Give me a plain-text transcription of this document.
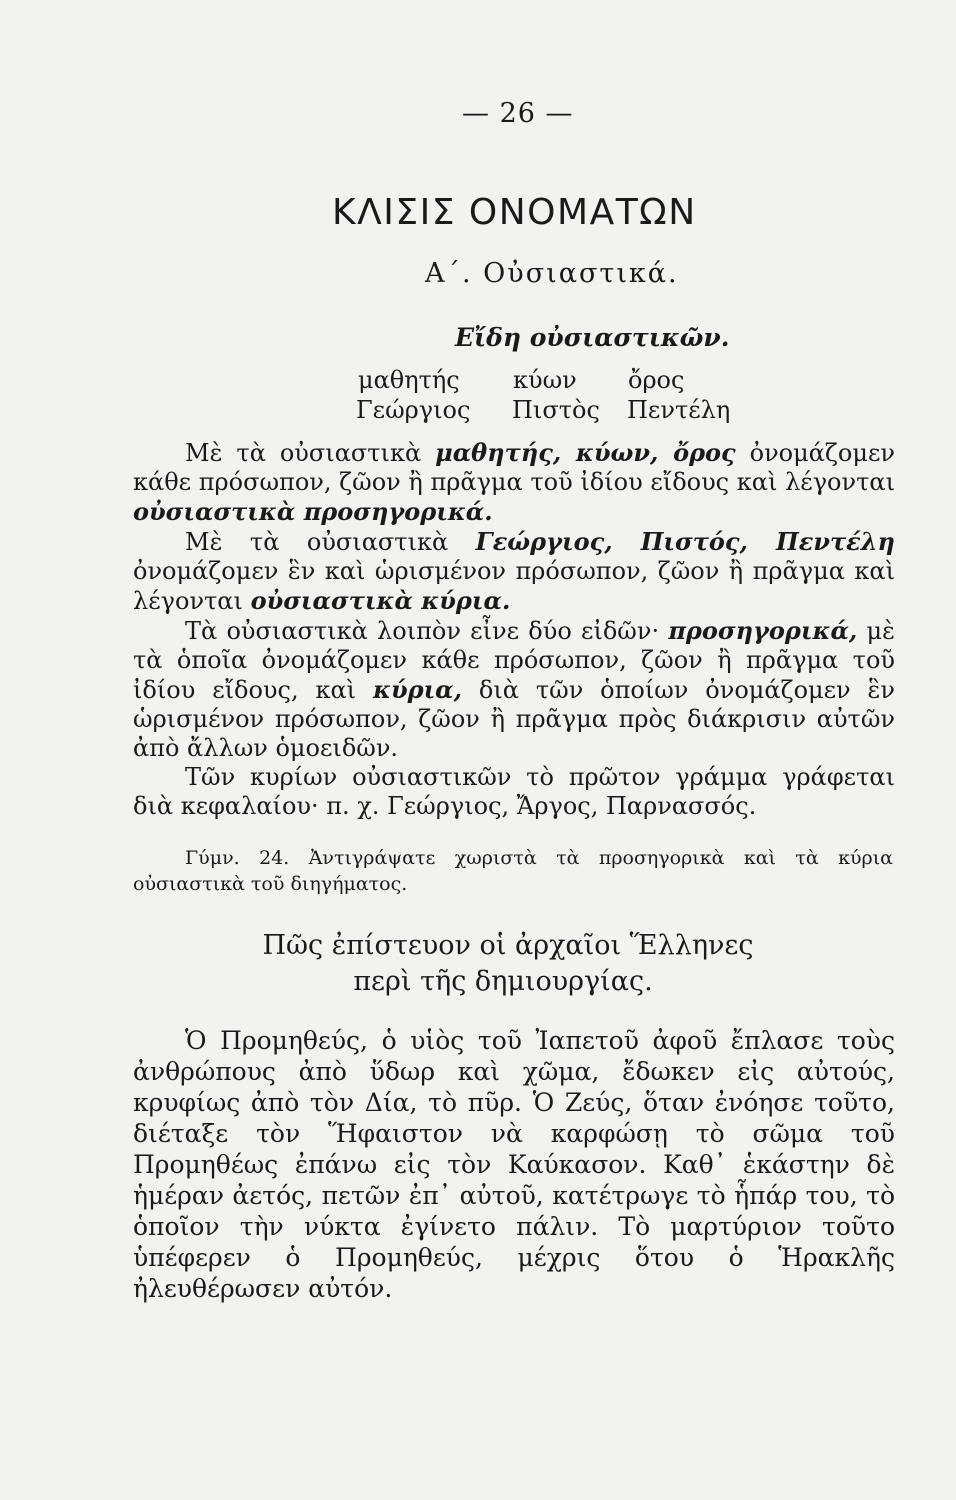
— 26 —
ΚΛΙΣΙΣ ΟΝΟΜΑΤΩΝ
Α΄. Οὐσιαστικά.
Εἴδη οὐσιαστικῶν.
μαθητής κύων ὄρος
Γεώργιος Πιστὸς Πεντέλη

Μὲ τὰ οὐσιαστικὰ μαθητής, κύων, ὄρος ὀνομάζομεν κάθε πρόσωπον, ζῶον ἢ πρᾶγμα τοῦ ἰδίου εἴδους καὶ λέγονται οὐσιαστικὰ προσηγορικά.

Μὲ τὰ οὐσιαστικὰ Γεώργιος, Πιστός, Πεντέλη ὀνομάζομεν ἓν καὶ ὡρισμένον πρόσωπον, ζῶον ἢ πρᾶγμα καὶ λέγονται οὐσιαστικὰ κύρια.

Τὰ οὐσιαστικὰ λοιπὸν εἶνε δύο εἰδῶν· προσηγορικά, μὲ τὰ ὁποῖα ὀνομάζομεν κάθε πρόσωπον, ζῶον ἢ πρᾶγμα τοῦ ἰδίου εἴδους, καὶ κύρια, διὰ τῶν ὁποίων ὀνομάζομεν ἓν ὡρισμένον πρόσωπον, ζῶον ἢ πρᾶγμα πρὸς διάκρισιν αὐτῶν ἀπὸ ἄλλων ὁμοειδῶν.

Τῶν κυρίων οὐσιαστικῶν τὸ πρῶτον γράμμα γράφεται διὰ κεφαλαίου· π. χ. Γεώργιος, Ἄργος, Παρνασσός.

Γύμν. 24. Ἀντιγράψατε χωριστὰ τὰ προσηγορικὰ καὶ τὰ κύρια οὐσιαστικὰ τοῦ διηγήματος.

Πῶς ἐπίστευον οἱ ἀρχαῖοι Ἕλληνες
περὶ τῆς δημιουργίας.

Ὁ Προμηθεύς, ὁ υἱὸς τοῦ Ἰαπετοῦ ἀφοῦ ἔπλασε τοὺς ἀνθρώπους ἀπὸ ὕδωρ καὶ χῶμα, ἔδωκεν εἰς αὐτούς, κρυφίως ἀπὸ τὸν Δία, τὸ πῦρ. Ὁ Ζεύς, ὅταν ἐνόησε τοῦτο, διέταξε τὸν Ἥφαιστον νὰ καρφώσῃ τὸ σῶμα τοῦ Προμηθέως ἐπάνω εἰς τὸν Καύκασον. Καθ᾽ ἑκάστην δὲ ἡμέραν ἀετός, πετῶν ἐπ᾽ αὐτοῦ, κατέτρωγε τὸ ἧπάρ του, τὸ ὁποῖον τὴν νύκτα ἐγίνετο πάλιν. Τὸ μαρτύριον τοῦτο ὑπέφερεν ὁ Προμηθεύς, μέχρις ὅτου ὁ Ἡρακλῆς ἠλευθέρωσεν αὐτόν.
